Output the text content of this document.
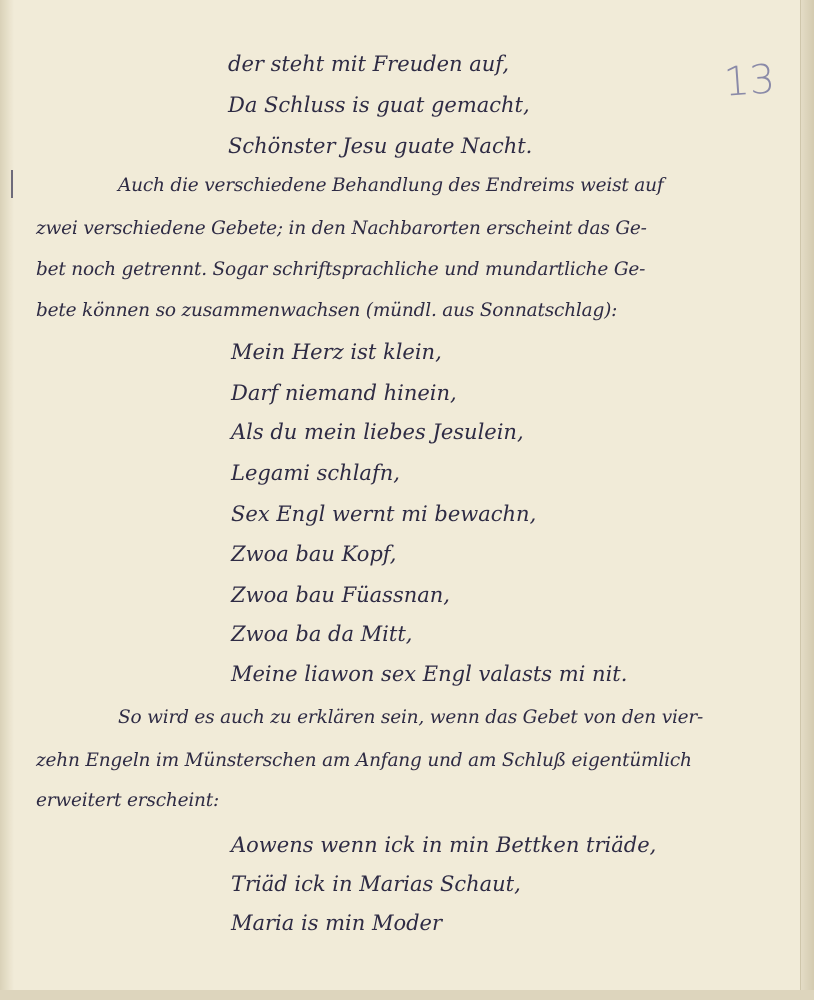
13

der steht mit Freuden auf,

Da Schluss is guat gemacht,

Schönster Jesu guate Nacht.

Auch die verschiedene Behandlung des Endreims weist auf

zwei verschiedene Gebete; in den Nachbarorten erscheint das Ge-

bet noch getrennt. Sogar schriftsprachliche und mundartliche Ge-

bete können so zusammenwachsen (mündl. aus Sonnatschlag):

Mein Herz ist klein,

Darf niemand hinein,

Als du mein liebes Jesulein,

Legami schlafn,

Sex Engl wernt mi bewachn,

Zwoa bau Kopf,

Zwoa bau Füassnan,

Zwoa ba da Mitt,

Meine liawon sex Engl valasts mi nit.

So wird es auch zu erklären sein, wenn das Gebet von den vier-

zehn Engeln im Münsterschen am Anfang und am Schluß eigentümlich

erweitert erscheint:

Aowens wenn ick in min Bettken triäde,

Triäd ick in Marias Schaut,

Maria is min Moder
